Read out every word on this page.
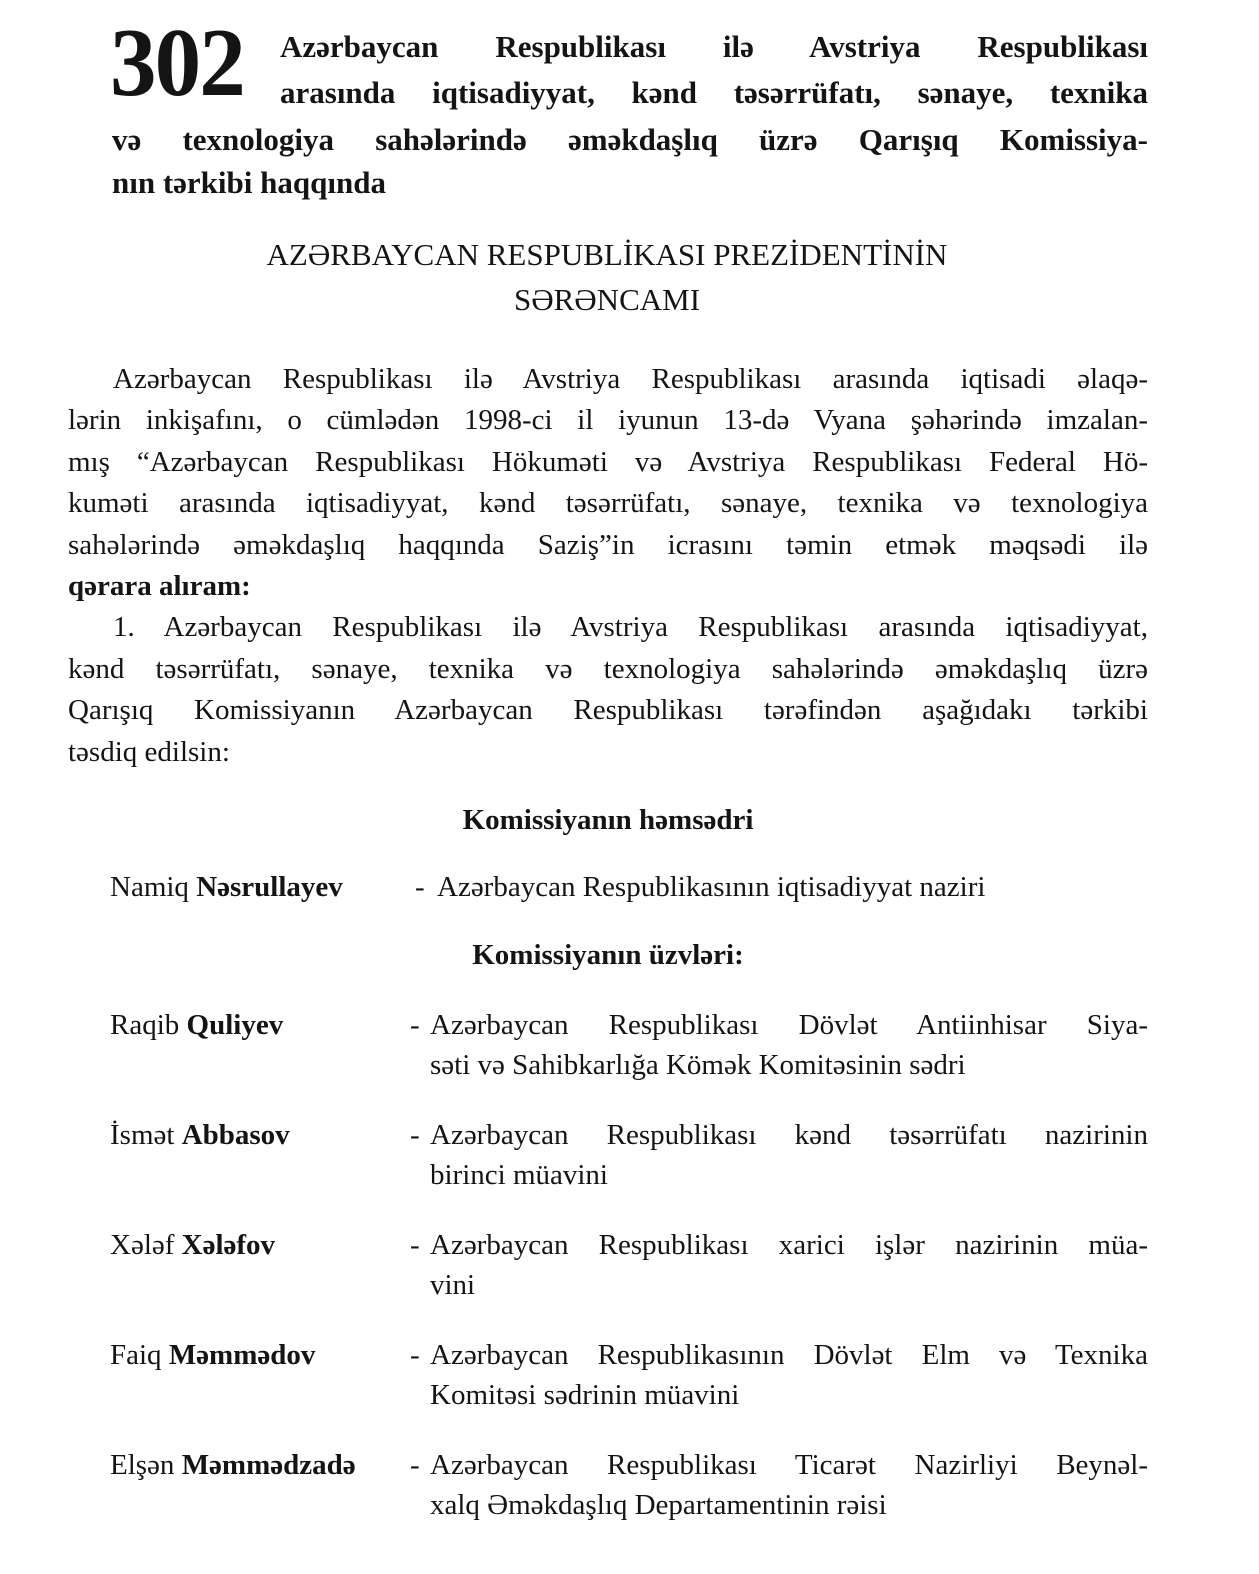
302 Azərbaycan Respublikası ilə Avstriya Respublikası
arasında iqtisadiyyat, kənd təsərrüfatı, sənaye, texnika
və texnologiya sahələrində əməkdaşlıq üzrə Qarışıq Komissiya-
nın tərkibi haqqında
AZƏRBAYCAN RESPUBLİKASI PREZİDENTİNİN
SƏRƏNCAMI
Azərbaycan Respublikası ilə Avstriya Respublikası arasında iqtisadi əlaqə-
lərin inkişafını, o cümlədən 1998-ci il iyunun 13-də Vyana şəhərində imzalan-
mış “Azərbaycan Respublikası Hökuməti və Avstriya Respublikası Federal Hö-
kuməti arasında iqtisadiyyat, kənd təsərrüfatı, sənaye, texnika və texnologiya
sahələrində əməkdaşlıq haqqında Saziş”in icrasını təmin etmək məqsədi ilə
qərara alıram:
1. Azərbaycan Respublikası ilə Avstriya Respublikası arasında iqtisadiyyat,
kənd təsərrüfatı, sənaye, texnika və texnologiya sahələrində əməkdaşlıq üzrə
Qarışıq Komissiyanın Azərbaycan Respublikası tərəfindən aşağıdakı tərkibi
təsdiq edilsin:
Komissiyanın həmsədri
Namiq Nəsrullayev - Azərbaycan Respublikasının iqtisadiyyat naziri
Komissiyanın üzvləri:
Raqib Quliyev	- Azərbaycan Respublikası Dövlət Antiinhisar Siya-
səti və Sahibkarlığa Kömək Komitəsinin sədri
İsmət Abbasov	- Azərbaycan Respublikası kənd təsərrüfatı nazirinin
birinci müavini
Xələf Xələfov	- Azərbaycan Respublikası xarici işlər nazirinin müa-
vini
Faiq Məmmədov	- Azərbaycan Respublikasının Dövlət Elm və Texnika
Komitəsi sədrinin müavini
Elşən Məmmədzadə - Azərbaycan Respublikası Ticarət Nazirliyi Beynəl-
xalq Əməkdaşlıq Departamentinin rəisi
